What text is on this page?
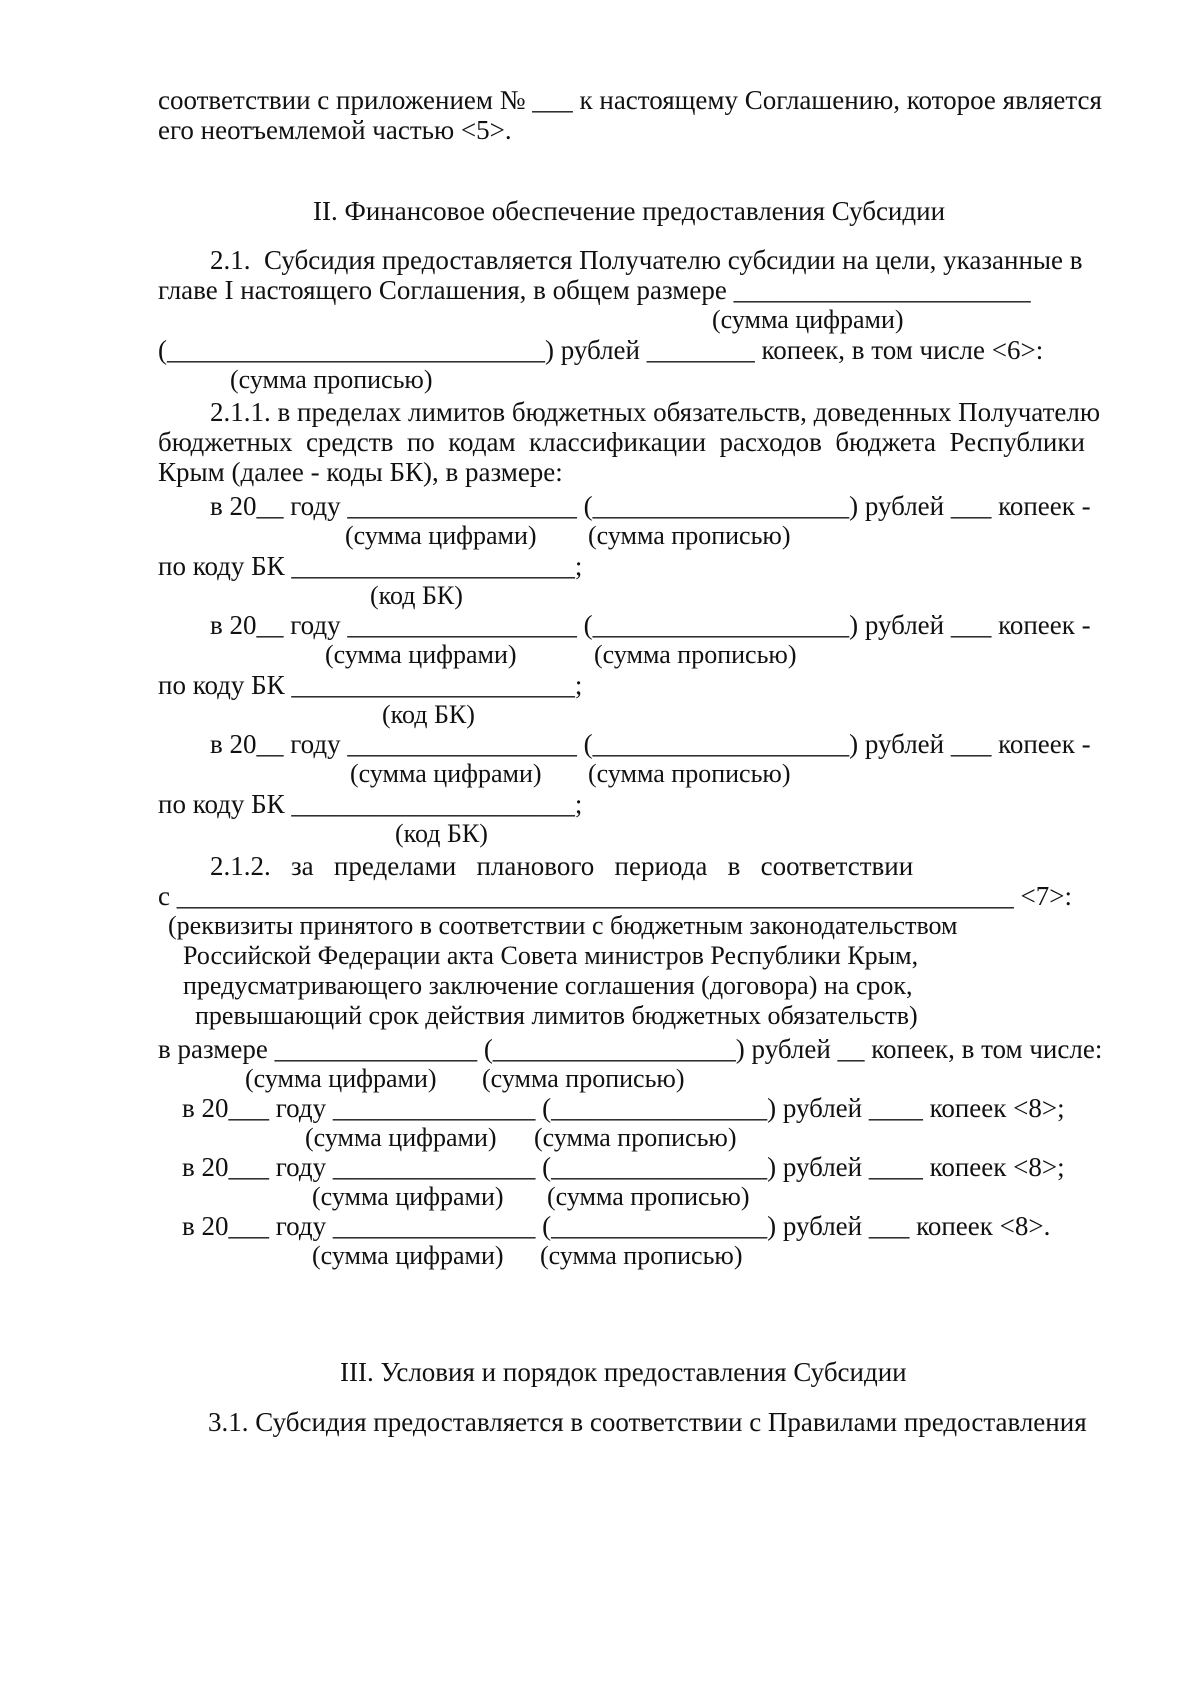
соответствии с приложением № ___ к настоящему Соглашению, которое является

его неотъемлемой частью <5>.

II. Финансовое обеспечение предоставления Субсидии

2.1.  Субсидия предоставляется Получателю субсидии на цели, указанные в

главе I настоящего Соглашения, в общем размере ______________________

(сумма цифрами)

(____________________________) рублей ________ копеек, в том числе <6>:

(сумма прописью)

2.1.1. в пределах лимитов бюджетных обязательств, доведенных Получателю

бюджетных  средств  по  кодам  классификации  расходов  бюджета  Республики

Крым (далее - коды БК), в размере:

в 20__ году _________________ (___________________) рублей ___ копеек -

(сумма цифрами) (сумма прописью)

по коду БК _____________________;

(код БК)

в 20__ году _________________ (___________________) рублей ___ копеек -

(сумма цифрами)	(сумма прописью)

по коду БК _____________________;

(код БК)

в 20__ году _________________ (___________________) рублей ___ копеек -

(сумма цифрами) (сумма прописью)

по коду БК _____________________;

(код БК)

2.1.2.   за   пределами   планового   периода   в   соответствии

с ______________________________________________________________ <7>:

(реквизиты принятого в соответствии с бюджетным законодательством

Российской Федерации акта Совета министров Республики Крым,

предусматривающего заключение соглашения (договора) на срок,

превышающий срок действия лимитов бюджетных обязательств)

в размере _______________ (__________________) рублей __ копеек, в том числе:

(сумма цифрами) (сумма прописью)

в 20___ году _______________ (________________) рублей ____ копеек <8>;

(сумма цифрами) (сумма прописью)

в 20___ году _______________ (________________) рублей ____ копеек <8>;

(сумма цифрами) (сумма прописью)

в 20___ году _______________ (________________) рублей ___ копеек <8>.

(сумма цифрами) (сумма прописью)

III. Условия и порядок предоставления Субсидии

3.1. Субсидия предоставляется в соответствии с Правилами предоставления
